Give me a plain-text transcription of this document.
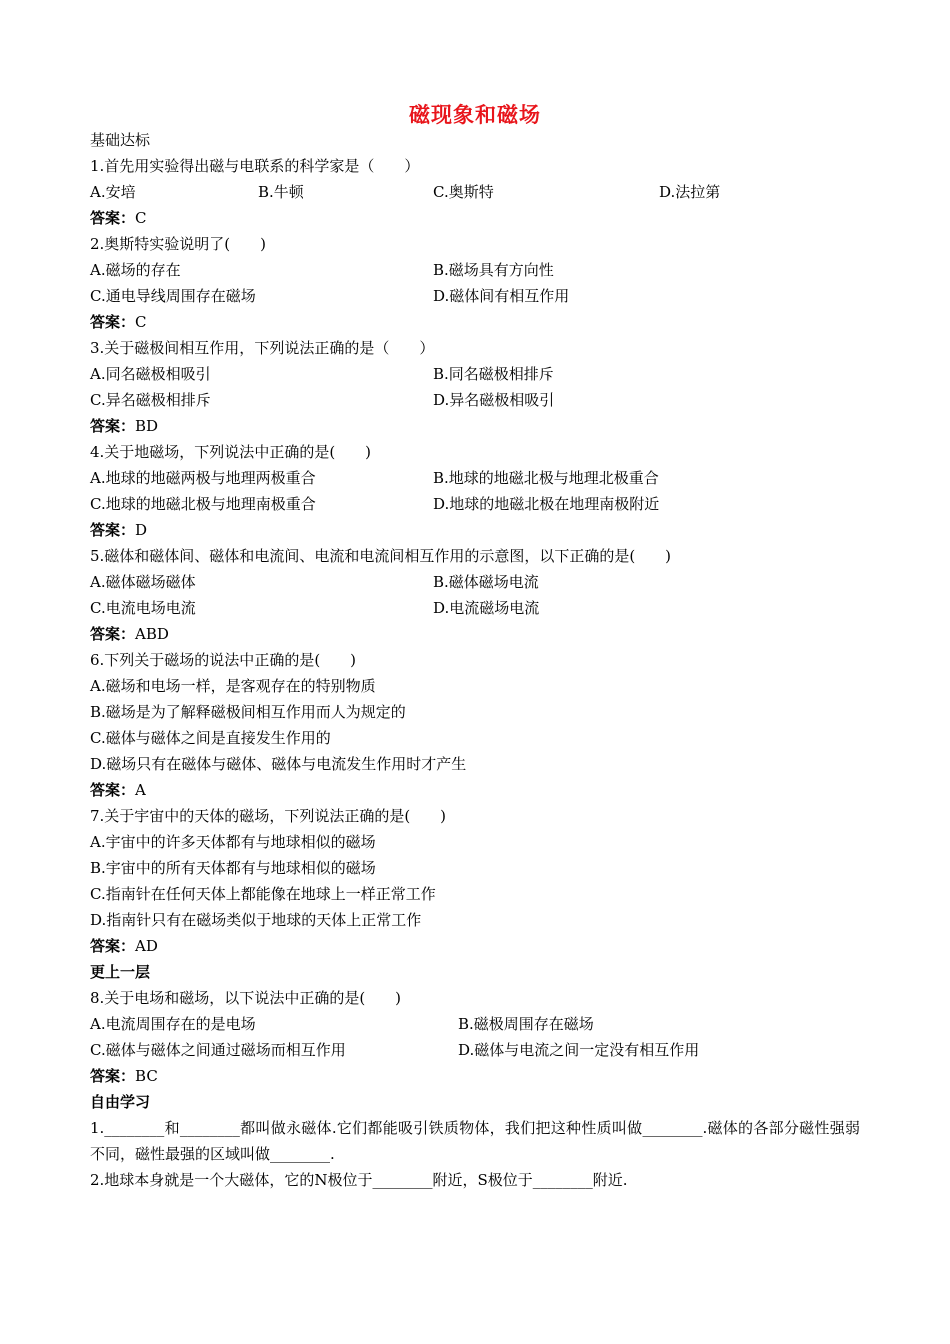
磁现象和磁场
基础达标
1.首先用实验得出磁与电联系的科学家是（　　）
A.安培	B.牛顿	C.奥斯特	D.法拉第
答案：C
2.奥斯特实验说明了(　　)
A.磁场的存在	B.磁场具有方向性
C.通电导线周围存在磁场	D.磁体间有相互作用
答案：C
3.关于磁极间相互作用，下列说法正确的是（　　）
A.同名磁极相吸引	B.同名磁极相排斥
C.异名磁极相排斥	D.异名磁极相吸引
答案：BD
4.关于地磁场，下列说法中正确的是(　　)
A.地球的地磁两极与地理两极重合	B.地球的地磁北极与地理北极重合
C.地球的地磁北极与地理南极重合	D.地球的地磁北极在地理南极附近
答案：D
5.磁体和磁体间、磁体和电流间、电流和电流间相互作用的示意图，以下正确的是(　　)
A.磁体磁场磁体	B.磁体磁场电流
C.电流电场电流	D.电流磁场电流
答案：ABD
6.下列关于磁场的说法中正确的是(　　)
A.磁场和电场一样，是客观存在的特别物质
B.磁场是为了解释磁极间相互作用而人为规定的
C.磁体与磁体之间是直接发生作用的
D.磁场只有在磁体与磁体、磁体与电流发生作用时才产生
答案：A
7.关于宇宙中的天体的磁场，下列说法正确的是(　　)
A.宇宙中的许多天体都有与地球相似的磁场
B.宇宙中的所有天体都有与地球相似的磁场
C.指南针在任何天体上都能像在地球上一样正常工作
D.指南针只有在磁场类似于地球的天体上正常工作
答案：AD
更上一层
8.关于电场和磁场，以下说法中正确的是(　　)
A.电流周围存在的是电场	B.磁极周围存在磁场
C.磁体与磁体之间通过磁场而相互作用	D.磁体与电流之间一定没有相互作用
答案：BC
自由学习
1.________和________都叫做永磁体.它们都能吸引铁质物体，我们把这种性质叫做________.磁体的各部分磁性强弱不同，磁性最强的区域叫做________.
2.地球本身就是一个大磁体，它的N极位于________附近，S极位于________附近.
